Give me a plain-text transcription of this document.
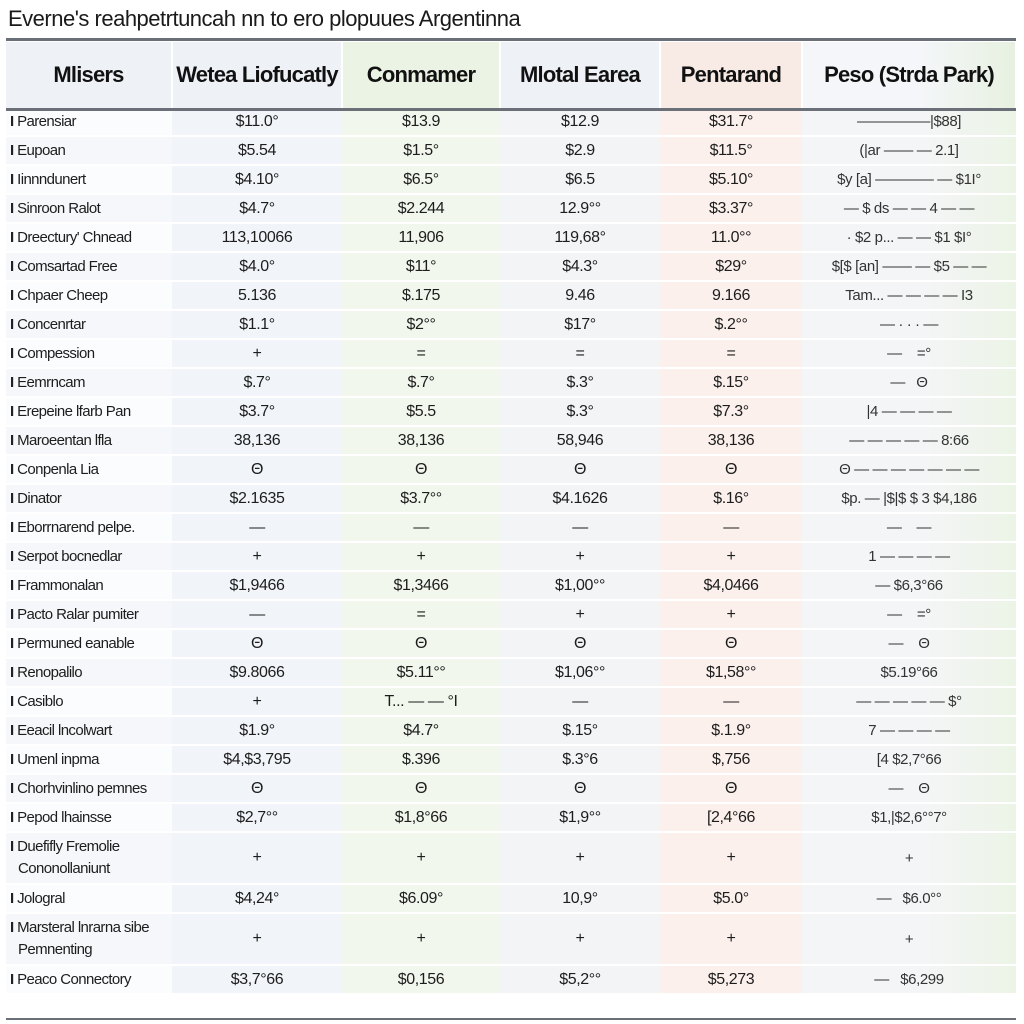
Everne's reahpetrtuncah nn to ero plopuues Argentinna
Mlisers	Wetea Liofucatly	Conmamer	Mlotal Earea	Pentarand	Peso (Strda Park)
I Parensiar	$11.0°	$13.9	$12.9	$31.7°	—————|$88]
I Eupoan	$5.54	$1.5°	$2.9	$11.5°	(|ar —— — 2.1]
I Iinnndunert	$4.10°	$6.5°	$6.5	$5.10°	$y [a] ———— — $1I°
I Sinroon Ralot	$4.7°	$2.244	12.9°°	$3.37°	— $ ds — — 4 — —
I Dreectury' Chnead	113,10066	11,906	119,68°	11.0°°	· $2 p... — — $1 $I°
I Comsartad Free	$4.0°	$11°	$4.3°	$29°	$[$ [an] —— — $5 — —
I Chpaer Cheep	5.136	$.175	9.46	9.166	Tam... — — — — I3
I Concenrtar	$1.1°	$2°°	$17°	$.2°°	— · · · —
I Compession	+	=	=	=	—    =°
I Eemrncam	$.7°	$.7°	$.3°	$.15°	—   Θ
I Erepeine lfarb Pan	$3.7°	$5.5	$.3°	$7.3°	|4 — — — —
I Maroeentan lfla	38,136	38,136	58,946	38,136	— — — — — 8:66
I Conpenla Lia	Θ	Θ	Θ	Θ	Θ — — — — — — —
I Dinator	$2.1635	$3.7°°	$4.1626	$.16°	$p. — |$|$ $ 3 $4,186
I Eborrnarend pelpe.	—	—	—	—	—    —
I Serpot bocnedlar	+	+	+	+	1 — — — —
I Frammonalan	$1,9466	$1,3466	$1,00°°	$4,0466	— $6,3°66
I Pacto Ralar pumiter	—	=	+	+	—    =°
I Permuned eanable	Θ	Θ	Θ	Θ	—    Θ
I Renopalilo	$9.8066	$5.11°°	$1,06°°	$1,58°°	$5.19°66
I Casiblo	+	T... — — °I	—	—	— — — — — $°
I Eeacil lncolwart	$1.9°	$4.7°	$.15°	$.1.9°	7 — — — —
I Umenl inpma	$4,$3,795	$.396	$.3°6	$,756	[4 $2,7°66
I Chorhvinlino pemnes	Θ	Θ	Θ	Θ	—    Θ
I Pepod lhainsse	$2,7°°	$1,8°66	$1,9°°	[2,4°66	$1,|$2,6°°7°
I Duefifly Fremolie
Cononollaniunt	+	+	+	+	+
I Jologral	$4,24°	$6.09°	10,9°	$5.0°	—   $6.0°°
I Marsteral lnrarna sibe
Pemnenting	+	+	+	+	+
I Peaco Connectory	$3,7°66	$0,156	$5,2°°	$5,273	—   $6,299
